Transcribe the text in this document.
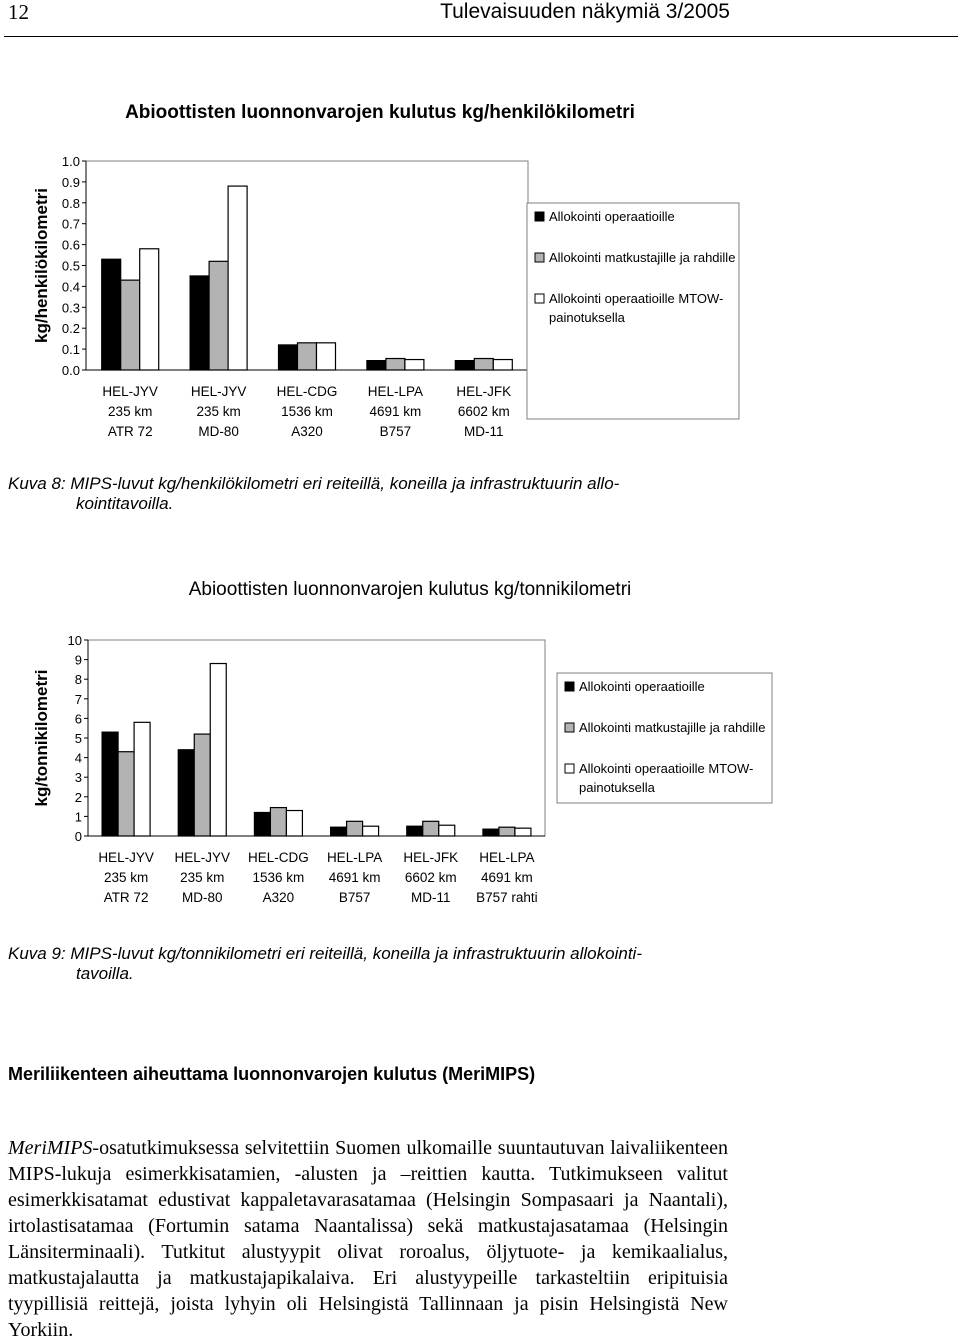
12	Tulevaisuuden näkymiä 3/2005
Abioottisten luonnonvarojen kulutus kg/henkilökilometri
kg/henkilökilometri
0.0
0.1
0.2
0.3
0.4
0.5
0.6
0.7
0.8
0.9
1.0
HEL-JYV
235 km
ATR 72
HEL-JYV
235 km
MD-80
HEL-CDG
1536 km
A320
HEL-LPA
4691 km
B757
HEL-JFK
6602 km
MD-11
Allokointi operaatioille
Allokointi matkustajille ja rahdille
Allokointi operaatioille MTOW-
painotuksella
Kuva 8: MIPS-luvut kg/henkilökilometri eri reiteillä, koneilla ja infrastruktuurin allo-
kointitavoilla.
Abioottisten luonnonvarojen kulutus kg/tonnikilometri
kg/tonnikilometri
0
1
2
3
4
5
6
7
8
9
10
HEL-JYV
235 km
ATR 72
HEL-JYV
235 km
MD-80
HEL-CDG
1536 km
A320
HEL-LPA
4691 km
B757
HEL-JFK
6602 km
MD-11
HEL-LPA
4691 km
B757 rahti
Allokointi operaatioille
Allokointi matkustajille ja rahdille
Allokointi operaatioille MTOW-
painotuksella
Kuva 9: MIPS-luvut kg/tonnikilometri eri reiteillä, koneilla ja infrastruktuurin allokointi-
tavoilla.
Meriliikenteen aiheuttama luonnonvarojen kulutus (MeriMIPS)
MeriMIPS-osatutkimuksessa selvitettiin Suomen ulkomaille suuntautuvan laivaliikenteen MIPS-lukuja esimerkkisatamien, -alusten ja –reittien kautta. Tutkimukseen valitut esimerkkisatamat edustivat kappaletavarasatamaa (Helsingin Sompasaari ja Naantali), irtolastisatamaa (Fortumin satama Naantalissa) sekä matkustajasatamaa (Helsingin Länsiterminaali). Tutkitut alustyypit olivat roroalus, öljytuote- ja kemikaalialus, matkustajalautta ja matkustajapikalaiva. Eri alustyypeille tarkasteltiin eripituisia tyypillisiä reittejä, joista lyhyin oli Helsingistä Tallinnaan ja pisin Helsingistä New Yorkiin.
